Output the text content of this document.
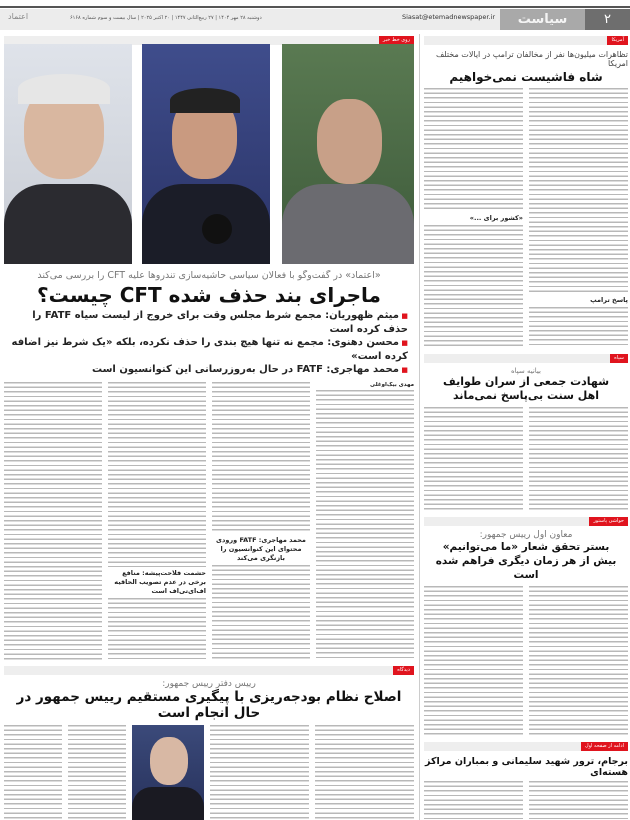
۲
سیاست
Siasat@etemadnewspaper.ir
دوشنبه ۲۸ مهر ۱۴۰۴ | ۲۷ ربیع‌الثانی ۱۴۴۷ | ۲۰ اکتبر ۲۰۲۵ | سال بیست و سوم شماره ۶۱۶۸
اعتماد
روی خط خبر
«اعتماد» در گفت‌وگو با فعالان سیاسی حاشیه‌سازی تندروها علیه CFT را بررسی می‌کند
ماجرای بند حذف شده CFT چیست؟
■ میثم ظهوریان: مجمع شرط مجلس وقت برای خروج از لیست سیاه FATF را حذف کرده است
■ محسن دهنوی: مجمع نه تنها هیچ بندی را حذف نکرده، بلکه «یک شرط نیز اضافه کرده است»
■ محمد مهاجری: FATF در حال به‌روزرسانی این کنوانسیون است
مهدی بیک‌اوغلی
محمد مهاجری: FATF ورودی محتوای این کنوانسیون را بازنگری می‌کند
حشمت فلاحت‌پیشه: منافع برخی در عدم تصویب الحاقیه اف‌ای‌تی‌اف است
دیدگاه
رییس دفتر رییس جمهور:
اصلاح نظام بودجه‌ریزی با پیگیری مستقیم رییس جمهور در حال انجام است
آمریکا
تظاهرات میلیون‌ها نفر از مخالفان ترامپ در ایالات مختلف امریکا
شاه فاشیست نمی‌خواهیم
پاسخ ترامپ
«کشور برای ...»
سپاه
بیانیه سپاه
شهادت جمعی از سران طوایف اهل سنت بی‌پاسخ نمی‌ماند
حواشی پاستور
معاون اول رییس جمهور:
بستر تحقق شعار «ما می‌توانیم» بیش از هر زمان دیگری فراهم شده است
ادامه از صفحه اول
برجام، ترور شهید سلیمانی و بمباران مراکز هسته‌ای
